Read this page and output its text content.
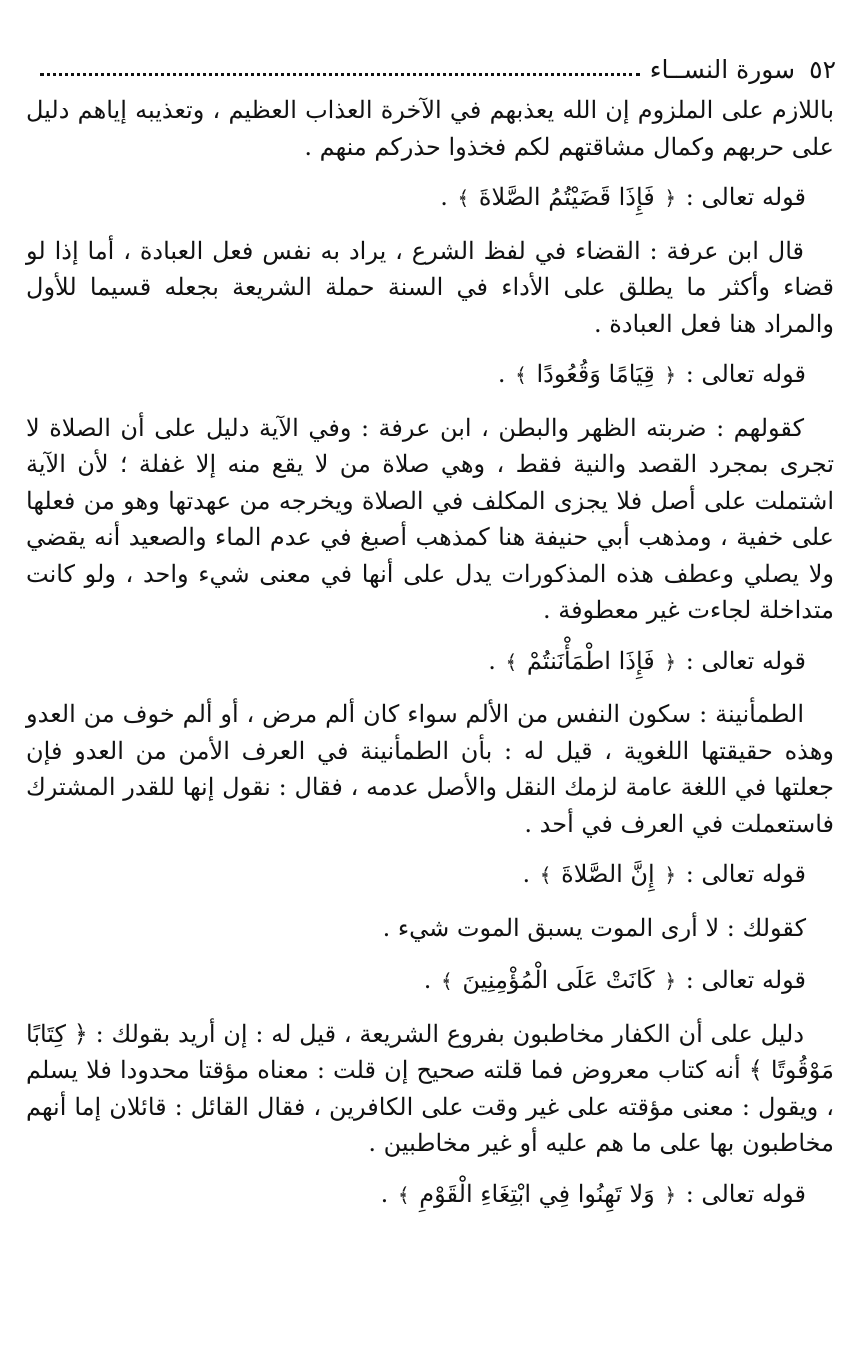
٥٢
سورة النســاء

باللازم على الملزوم إن الله يعذبهم في الآخرة العذاب العظيم ، وتعذيبه إياهم دليل على حربهم وكمال مشاقتهم لكم فخذوا حذركم منهم .

قوله تعالى : ﴿ فَإِذَا قَضَيْتُمُ الصَّلاةَ ﴾ .

قال ابن عرفة : القضاء في لفظ الشرع ، يراد به نفس فعل العبادة ، أما إذا لو قضاء وأكثر ما يطلق على الأداء في السنة حملة الشريعة بجعله قسيما للأول والمراد هنا فعل العبادة .

قوله تعالى : ﴿ قِيَامًا وَقُعُودًا ﴾ .

كقولهم : ضربته الظهر والبطن ، ابن عرفة : وفي الآية دليل على أن الصلاة لا تجرى بمجرد القصد والنية فقط ، وهي صلاة من لا يقع منه إلا غفلة ؛ لأن الآية اشتملت على أصل فلا يجزى المكلف في الصلاة ويخرجه من عهدتها وهو من فعلها على خفية ، ومذهب أبي حنيفة هنا كمذهب أصبغ في عدم الماء والصعيد أنه يقضي ولا يصلي وعطف هذه المذكورات يدل على أنها في معنى شيء واحد ، ولو كانت متداخلة لجاءت غير معطوفة .

قوله تعالى : ﴿ فَإِذَا اطْمَأْنَنتُمْ ﴾ .

الطمأنينة : سكون النفس من الألم سواء كان ألم مرض ، أو ألم خوف من العدو وهذه حقيقتها اللغوية ، قيل له : بأن الطمأنينة في العرف الأمن من العدو فإن جعلتها في اللغة عامة لزمك النقل والأصل عدمه ، فقال : نقول إنها للقدر المشترك فاستعملت في العرف في أحد .

قوله تعالى : ﴿ إِنَّ الصَّلاةَ ﴾ .

كقولك : لا أرى الموت يسبق الموت شيء .

قوله تعالى : ﴿ كَانَتْ عَلَى الْمُؤْمِنِينَ ﴾ .

دليل على أن الكفار مخاطبون بفروع الشريعة ، قيل له : إن أريد بقولك : ﴿ كِتَابًا مَوْقُوتًا ﴾ أنه كتاب معروض فما قلته صحيح إن قلت : معناه مؤقتا محدودا فلا يسلم ، ويقول : معنى مؤقته على غير وقت على الكافرين ، فقال القائل : قائلان إما أنهم مخاطبون بها على ما هم عليه أو غير مخاطبين .

قوله تعالى : ﴿ وَلا تَهِنُوا فِي ابْتِغَاءِ الْقَوْمِ ﴾ .
